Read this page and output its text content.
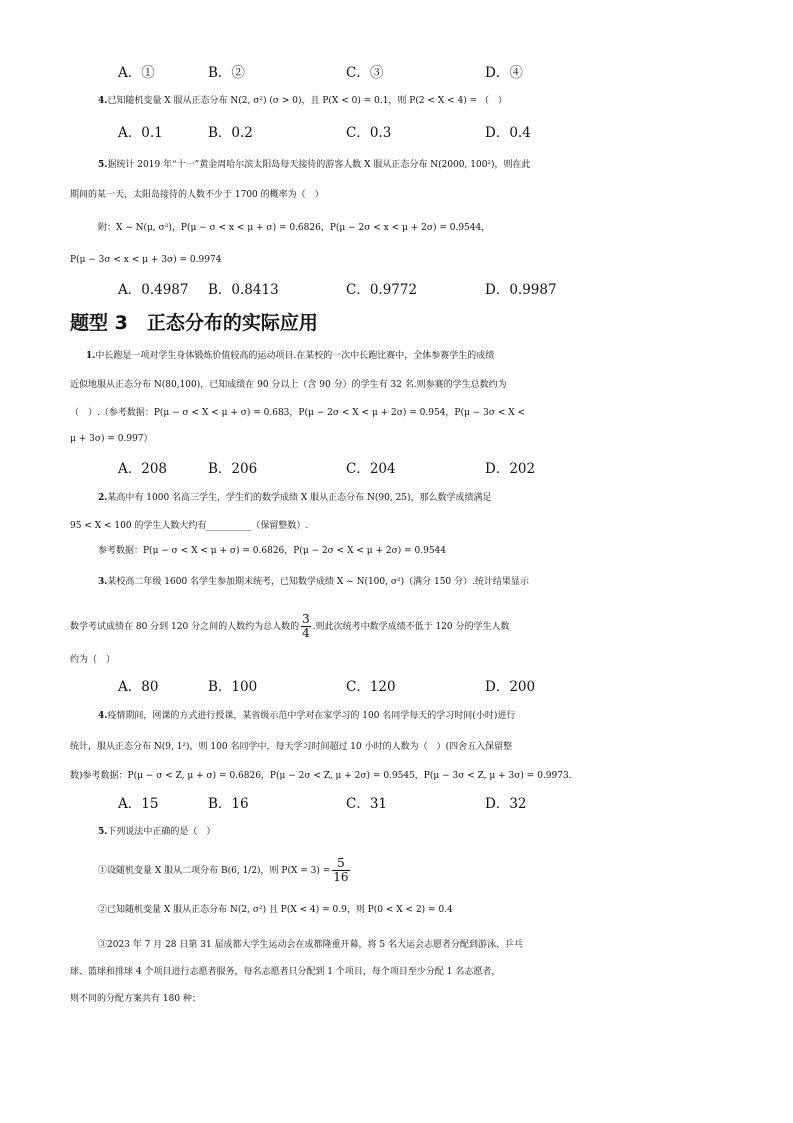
A．①	B．②	C．③	D．④
4.已知随机变量 X 服从正态分布 N(2, σ²) (σ > 0)，且 P(X < 0) = 0.1，则 P(2 < X < 4) = （　）
A．0.1	B．0.2	C．0.3	D．0.4
5.据统计 2019 年“十一”黄金周哈尔滨太阳岛每天接待的游客人数 X 服从正态分布 N(2000, 100²)，则在此
期间的某一天，太阳岛接待的人数不少于 1700 的概率为（　）
附：X ~ N(μ, σ²)，P(μ − σ < x < μ + σ) = 0.6826，P(μ − 2σ < x < μ + 2σ) = 0.9544，
P(μ − 3σ < x < μ + 3σ) = 0.9974
A．0.4987 B．0.8413	C．0.9772	D．0.9987
题型 3　正态分布的实际应用
1.中长跑是一项对学生身体锻炼价值较高的运动项目.在某校的一次中长跑比赛中，全体参赛学生的成绩
近似地服从正态分布 N(80,100)，已知成绩在 90 分以上（含 90 分）的学生有 32 名.则参赛的学生总数约为
（　）.（参考数据：P(μ − σ < X < μ + σ) = 0.683，P(μ − 2σ < X < μ + 2σ) = 0.954，P(μ − 3σ < X <
μ + 3σ) = 0.997）
A．208	B．206	C．204	D．202
2.某高中有 1000 名高三学生，学生们的数学成绩 X 服从正态分布 N(90, 25)，那么数学成绩满足
95 < X < 100 的学生人数大约有__________（保留整数）.
参考数据：P(μ − σ < X < μ + σ) = 0.6826，P(μ − 2σ < X < μ + 2σ) = 0.9544
3.某校高二年级 1600 名学生参加期末统考，已知数学成绩 X ~ N(100, σ²)（满分 150 分）.统计结果显示
数学考试成绩在 80 分到 120 分之间的人数约为总人数的 $\frac{3}{4}$ .则此次统考中数学成绩不低于 120 分的学生人数
约为（　）
A．80	B．100	C．120	D．200
4.疫情期间，网课的方式进行授课，某省级示范中学对在家学习的 100 名同学每天的学习时间(小时)进行
统计，服从正态分布 N(9, 1²)，则 100 名同学中，每天学习时间超过 10 小时的人数为（　）(四舍五入保留整
数)参考数据：P(μ − σ < Z, μ + σ) = 0.6826，P(μ − 2σ < Z, μ + 2σ) = 0.9545，P(μ − 3σ < Z, μ + 3σ) = 0.9973.
A．15	B．16	C．31	D．32
5.下列说法中正确的是（　）
①设随机变量 X 服从二项分布 B(6, 1/2)，则 $P(X = 3) = \frac{5}{16}$
②已知随机变量 X 服从正态分布 N(2, σ²) 且 P(X < 4) = 0.9，则 P(0 < X < 2) = 0.4
③2023 年 7 月 28 日第 31 届成都大学生运动会在成都隆重开幕，将 5 名大运会志愿者分配到游泳、乒乓
球、篮球和排球 4 个项目进行志愿者服务，每名志愿者只分配到 1 个项目，每个项目至少分配 1 名志愿者，
则不同的分配方案共有 180 种；
